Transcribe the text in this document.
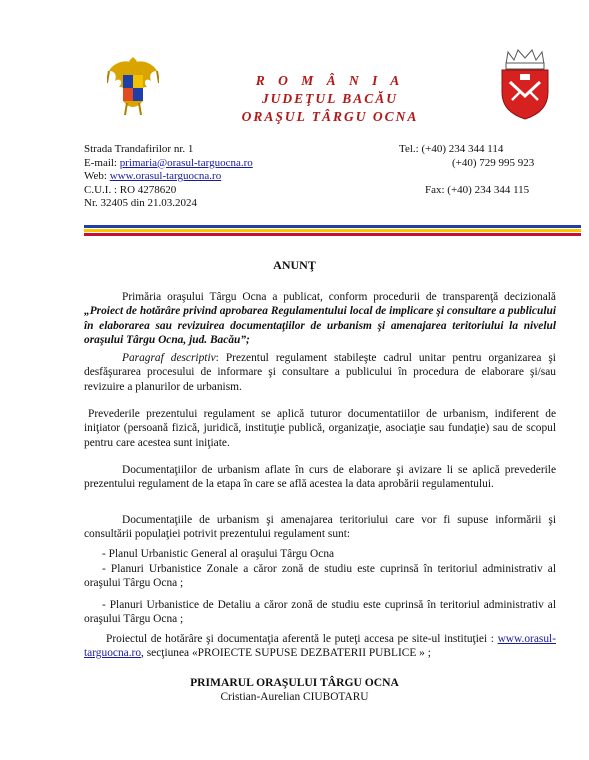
R O M Â N I A
JUDEŢUL BACĂU
ORAŞUL TÂRGU OCNA
Strada Trandafirilor nr. 1
E-mail: primaria@orasul-targuocna.ro
Web: www.orasul-targuocna.ro
C.U.I. : RO 4278620
Nr. 32405 din 21.03.2024
Tel.: (+40) 234 344 114
(+40) 729 995 923
Fax: (+40) 234 344 115
ANUNŢ

Primăria oraşului Târgu Ocna a publicat, conform procedurii de transparenţă decizională „Proiect de hotărâre privind aprobarea Regulamentului local de implicare şi consultare a publicului în elaborarea sau revizuirea documentaţiilor de urbanism şi amenajarea teritoriului la nivelul oraşului Târgu Ocna, jud. Bacău”;

Paragraf descriptiv: Prezentul regulament stabileşte cadrul unitar pentru organizarea şi desfăşurarea procesului de informare şi consultare a publicului în procedura de elaborare şi/sau revizuire a planurilor de urbanism.

Prevederile prezentului regulament se aplică tuturor documentatiilor de urbanism, indiferent de iniţiator (persoană fizică, juridică, instituţie publică, organizaţie, asociaţie sau fundaţie) sau de scopul pentru care acestea sunt iniţiate.

Documentaţiilor de urbanism aflate în curs de elaborare şi avizare li se aplică prevederile prezentului regulament de la etapa în care se află acestea la data aprobării regulamentului.

Documentaţiile de urbanism şi amenajarea teritoriului care vor fi supuse informării şi consultării populaţiei potrivit prezentului regulament sunt:

- Planul Urbanistic General al oraşului Târgu Ocna

- Planuri Urbanistice Zonale a căror zonă de studiu este cuprinsă în teritoriul administrativ al oraşului Târgu Ocna ;

- Planuri Urbanistice de Detaliu a căror zonă de studiu este cuprinsă în teritoriul administrativ al oraşului Târgu Ocna ;

Proiectul de hotărâre şi documentaţia aferentă le puteţi accesa pe site-ul instituţiei : www.orasul-targuocna.ro, secţiunea «PROIECTE SUPUSE DEZBATERII PUBLICE » ;

PRIMARUL ORAŞULUI TÂRGU OCNA
Cristian-Aurelian CIUBOTARU
